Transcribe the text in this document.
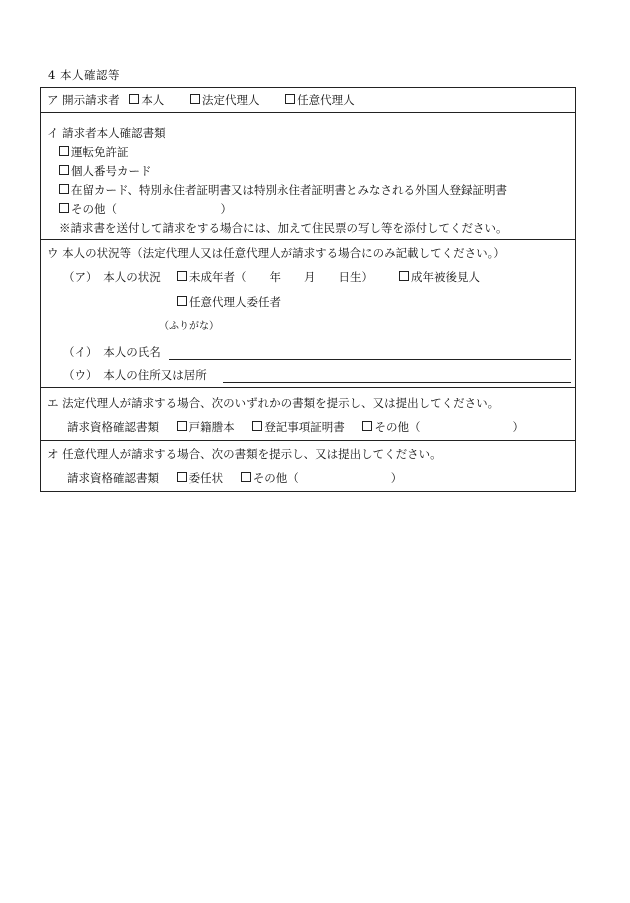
4 本人確認等
ア 開示請求者 本人	法定代理人	任意代理人
イ 請求者本人確認書類
運転免許証
個人番号カード
在留カード、特別永住者証明書又は特別永住者証明書とみなされる外国人登録証明書
その他（　　　　　　　　　）
※請求書を送付して請求をする場合には、加えて住民票の写し等を添付してください。
ウ 本人の状況等（法定代理人又は任意代理人が請求する場合にのみ記載してください。）
（ア）　本人の状況	未成年者（　　年　　月　　日生）	成年被後見人
任意代理人委任者
（ふりがな）
（イ）　本人の氏名
（ウ）　本人の住所又は居所
エ 法定代理人が請求する場合、次のいずれかの書類を提示し、又は提出してください。
請求資格確認書類	戸籍謄本	登記事項証明書	その他（　　　　　　　　）
オ 任意代理人が請求する場合、次の書類を提示し、又は提出してください。
請求資格確認書類	委任状	その他（　　　　　　　　）
